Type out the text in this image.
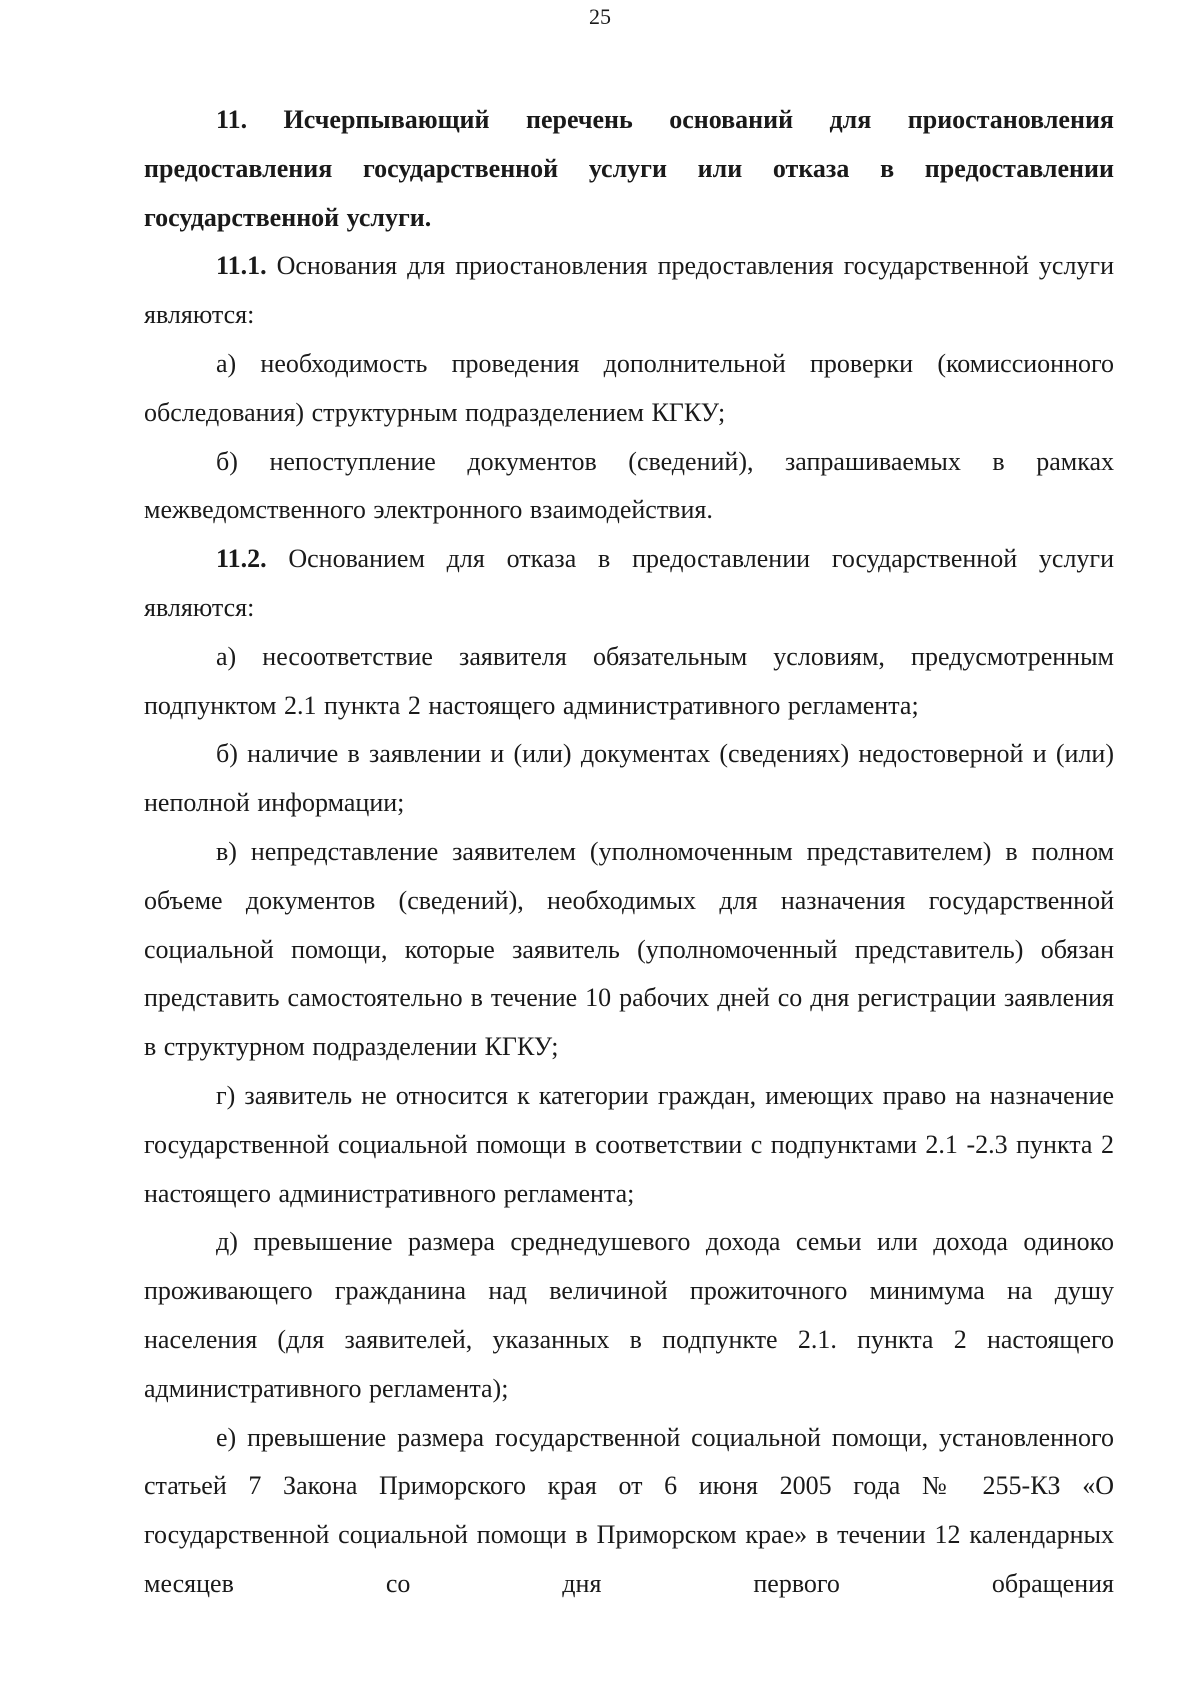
25

11. Исчерпывающий перечень оснований для приостановления предоставления государственной услуги или отказа в предоставлении государственной услуги.

11.1. Основания для приостановления предоставления государственной услуги являются:

а) необходимость проведения дополнительной проверки (комиссионного обследования) структурным подразделением КГКУ;

б) непоступление документов (сведений), запрашиваемых в рамках межведомственного электронного взаимодействия.

11.2. Основанием для отказа в предоставлении государственной услуги являются:

а) несоответствие заявителя обязательным условиям, предусмотренным подпунктом 2.1 пункта 2 настоящего административного регламента;

б) наличие в заявлении и (или) документах (сведениях) недостоверной и (или) неполной информации;

в) непредставление заявителем (уполномоченным представителем) в полном объеме документов (сведений), необходимых для назначения государственной социальной помощи, которые заявитель (уполномоченный представитель) обязан представить самостоятельно в течение 10 рабочих дней со дня регистрации заявления в структурном подразделении КГКУ;

г) заявитель не относится к категории граждан, имеющих право на назначение государственной социальной помощи в соответствии с подпунктами 2.1 -2.3 пункта 2 настоящего административного регламента;

д) превышение размера среднедушевого дохода семьи или дохода одиноко проживающего гражданина над величиной прожиточного минимума на душу населения (для заявителей, указанных в подпункте 2.1. пункта 2 настоящего административного регламента);

е) превышение размера государственной социальной помощи, установленного статьей 7 Закона Приморского края от 6 июня 2005 года № 255-КЗ «О государственной социальной помощи в Приморском крае» в течении 12 календарных месяцев со дня первого обращения
